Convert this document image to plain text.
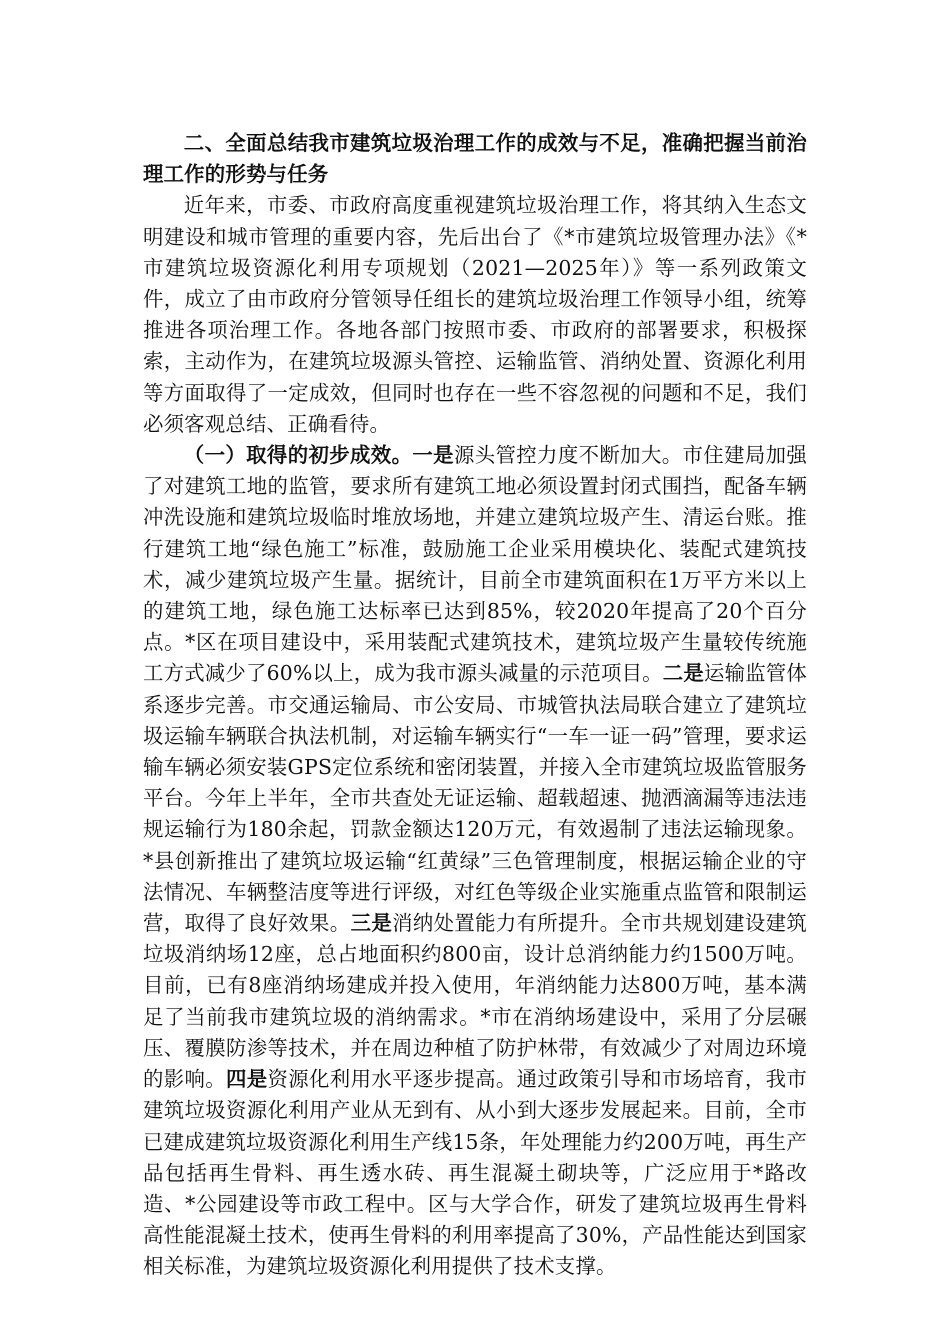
二、全面总结我市建筑垃圾治理工作的成效与不足，准确把握当前治理工作的形势与任务

近年来，市委、市政府高度重视建筑垃圾治理工作，将其纳入生态文明建设和城市管理的重要内容，先后出台了《*市建筑垃圾管理办法》《*市建筑垃圾资源化利用专项规划（2021—2025年）》等一系列政策文件，成立了由市政府分管领导任组长的建筑垃圾治理工作领导小组，统筹推进各项治理工作。各地各部门按照市委、市政府的部署要求，积极探索，主动作为，在建筑垃圾源头管控、运输监管、消纳处置、资源化利用等方面取得了一定成效，但同时也存在一些不容忽视的问题和不足，我们必须客观总结、正确看待。

（一）取得的初步成效。一是源头管控力度不断加大。市住建局加强了对建筑工地的监管，要求所有建筑工地必须设置封闭式围挡，配备车辆冲洗设施和建筑垃圾临时堆放场地，并建立建筑垃圾产生、清运台账。推行建筑工地“绿色施工”标准，鼓励施工企业采用模块化、装配式建筑技术，减少建筑垃圾产生量。据统计，目前全市建筑面积在1万平方米以上的建筑工地，绿色施工达标率已达到85%，较2020年提高了20个百分点。*区在项目建设中，采用装配式建筑技术，建筑垃圾产生量较传统施工方式减少了60%以上，成为我市源头减量的示范项目。二是运输监管体系逐步完善。市交通运输局、市公安局、市城管执法局联合建立了建筑垃圾运输车辆联合执法机制，对运输车辆实行“一车一证一码”管理，要求运输车辆必须安装GPS定位系统和密闭装置，并接入全市建筑垃圾监管服务平台。今年上半年，全市共查处无证运输、超载超速、抛洒滴漏等违法违规运输行为180余起，罚款金额达120万元，有效遏制了违法运输现象。*县创新推出了建筑垃圾运输“红黄绿”三色管理制度，根据运输企业的守法情况、车辆整洁度等进行评级，对红色等级企业实施重点监管和限制运营，取得了良好效果。三是消纳处置能力有所提升。全市共规划建设建筑垃圾消纳场12座，总占地面积约800亩，设计总消纳能力约1500万吨。目前，已有8座消纳场建成并投入使用，年消纳能力达800万吨，基本满足了当前我市建筑垃圾的消纳需求。*市在消纳场建设中，采用了分层碾压、覆膜防渗等技术，并在周边种植了防护林带，有效减少了对周边环境的影响。四是资源化利用水平逐步提高。通过政策引导和市场培育，我市建筑垃圾资源化利用产业从无到有、从小到大逐步发展起来。目前，全市已建成建筑垃圾资源化利用生产线15条，年处理能力约200万吨，再生产品包括再生骨料、再生透水砖、再生混凝土砌块等，广泛应用于*路改造、*公园建设等市政工程中。区与大学合作，研发了建筑垃圾再生骨料高性能混凝土技术，使再生骨料的利用率提高了30%，产品性能达到国家相关标准，为建筑垃圾资源化利用提供了技术支撑。
